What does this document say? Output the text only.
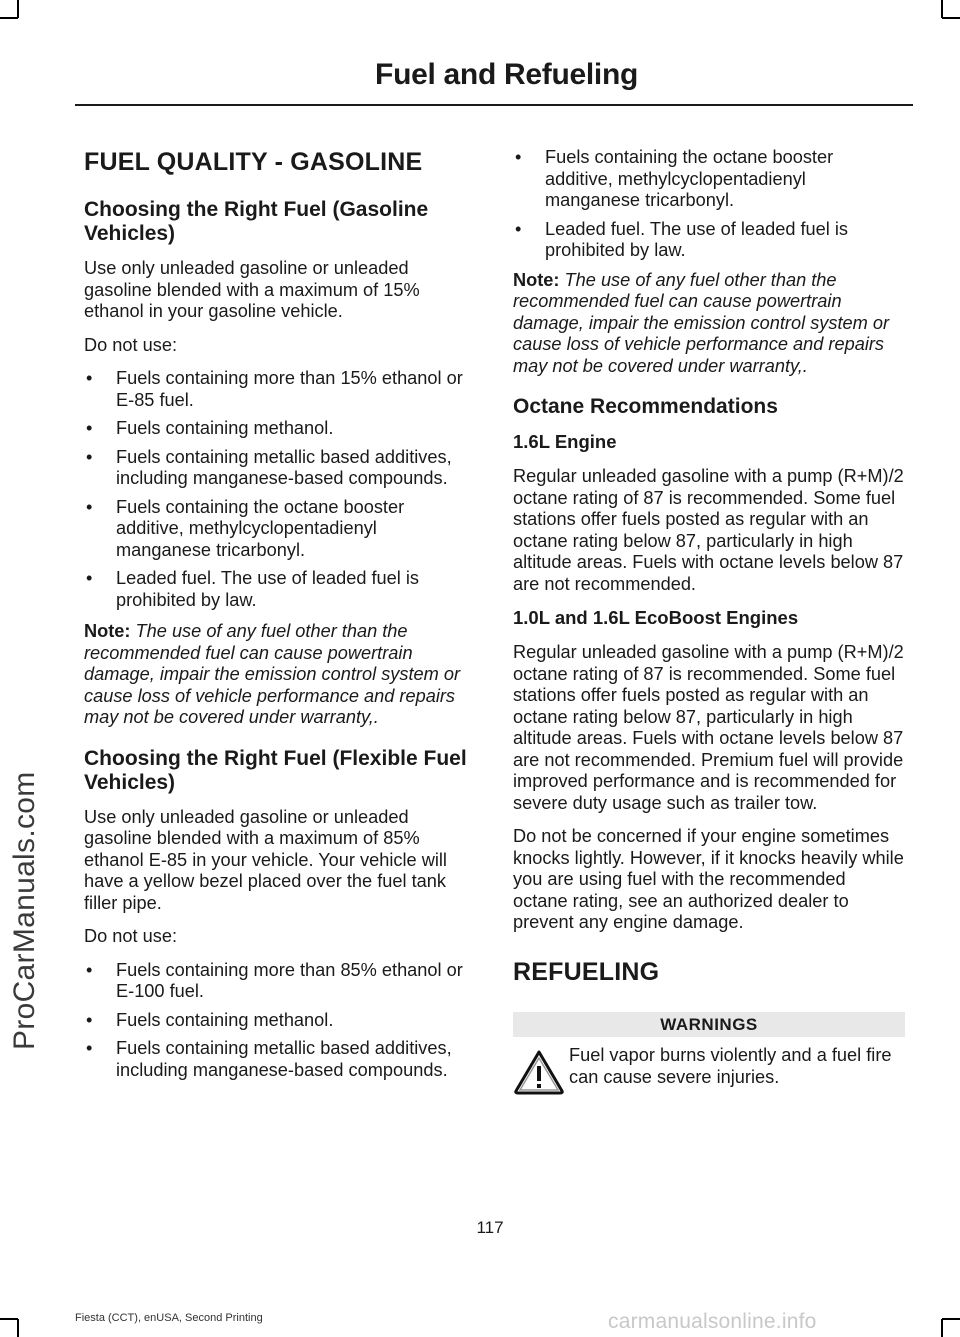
Fuel and Refueling
ProCarManuals.com
FUEL QUALITY - GASOLINE
Choosing the Right Fuel (Gasoline Vehicles)

Use only unleaded gasoline or unleaded gasoline blended with a maximum of 15% ethanol in your gasoline vehicle.

Do not use:

• Fuels containing more than 15% ethanol or E-85 fuel.
• Fuels containing methanol.
• Fuels containing metallic based additives, including manganese-based compounds.
• Fuels containing the octane booster additive, methylcyclopentadienyl manganese tricarbonyl.
• Leaded fuel. The use of leaded fuel is prohibited by law.

Note: The use of any fuel other than the recommended fuel can cause powertrain damage, impair the emission control system or cause loss of vehicle performance and repairs may not be covered under warranty,.

Choosing the Right Fuel (Flexible Fuel Vehicles)

Use only unleaded gasoline or unleaded gasoline blended with a maximum of 85% ethanol E-85 in your vehicle. Your vehicle will have a yellow bezel placed over the fuel tank filler pipe.

Do not use:

• Fuels containing more than 85% ethanol or E-100 fuel.
• Fuels containing methanol.
• Fuels containing metallic based additives, including manganese-based compounds.
• Fuels containing the octane booster additive, methylcyclopentadienyl manganese tricarbonyl.
• Leaded fuel. The use of leaded fuel is prohibited by law.

Note: The use of any fuel other than the recommended fuel can cause powertrain damage, impair the emission control system or cause loss of vehicle performance and repairs may not be covered under warranty,.

Octane Recommendations
1.6L Engine

Regular unleaded gasoline with a pump (R+M)/2 octane rating of 87 is recommended. Some fuel stations offer fuels posted as regular with an octane rating below 87, particularly in high altitude areas. Fuels with octane levels below 87 are not recommended.

1.0L and 1.6L EcoBoost Engines

Regular unleaded gasoline with a pump (R+M)/2 octane rating of 87 is recommended. Some fuel stations offer fuels posted as regular with an octane rating below 87, particularly in high altitude areas. Fuels with octane levels below 87 are not recommended. Premium fuel will provide improved performance and is recommended for severe duty usage such as trailer tow.

Do not be concerned if your engine sometimes knocks lightly. However, if it knocks heavily while you are using fuel with the recommended octane rating, see an authorized dealer to prevent any engine damage.

REFUELING
WARNINGS
Fuel vapor burns violently and a fuel fire can cause severe injuries.
117
Fiesta (CCT), enUSA, Second Printing	carmanualsonline.info
